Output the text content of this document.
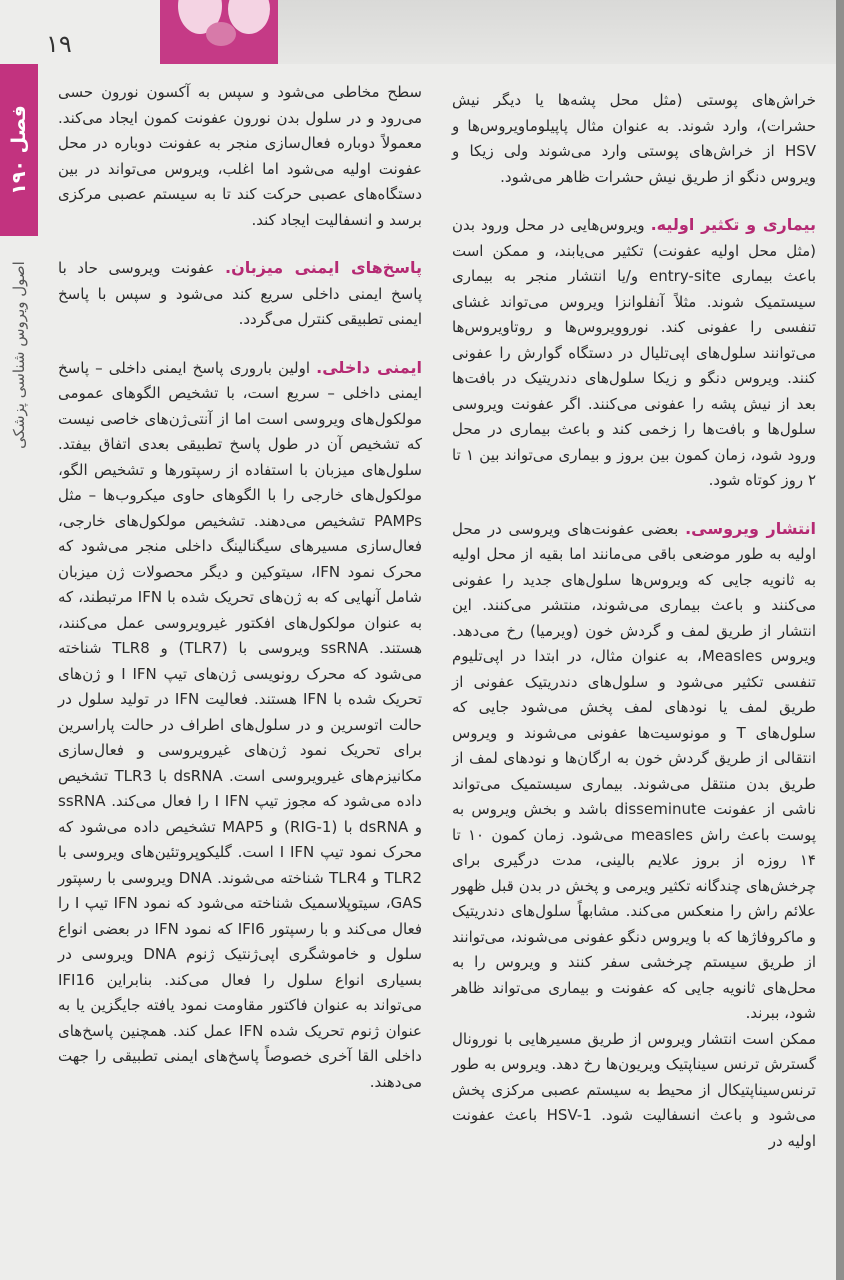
۱۹
فصل ۱۹۰
اصول ویروس شناسی پزشکی

خراش‌های پوستی (مثل محل پشه‌ها یا دیگر نیش حشرات)، وارد شوند. به عنوان مثال پاپیلوماویروس‌ها و HSV از خراش‌های پوستی وارد می‌شوند ولی زیکا و ویروس دنگو از طریق نیش حشرات ظاهر می‌شود.

بیماری و تکثیر اولیه. ویروس‌هایی در محل ورود بدن (مثل محل اولیه عفونت) تکثیر می‌یابند، و ممکن است باعث بیماری entry-site و/یا انتشار منجر به بیماری سیستمیک شوند. مثلاً آنفلوانزا ویروس می‌تواند غشای تنفسی را عفونی کند. نوروویروس‌ها و روتاویروس‌ها می‌توانند سلول‌های اپی‌تلیال در دستگاه گوارش را عفونی کنند. ویروس دنگو و زیکا سلول‌های دندریتیک در بافت‌ها بعد از نیش پشه را عفونی می‌کنند. اگر عفونت ویروسی سلول‌ها و بافت‌ها را زخمی کند و باعث بیماری در محل ورود شود، زمان کمون بین بروز و بیماری می‌تواند بین ۱ تا ۲ روز کوتاه شود.

انتشار ویروسی. بعضی عفونت‌های ویروسی در محل اولیه به طور موضعی باقی می‌مانند اما بقیه از محل اولیه به ثانویه جایی که ویروس‌ها سلول‌های جدید را عفونی می‌کنند و باعث بیماری می‌شوند، منتشر می‌کنند. این انتشار از طریق لمف و گردش خون (ویرمیا) رخ می‌دهد. ویروس Measles، به عنوان مثال، در ابتدا در اپی‌تلیوم تنفسی تکثیر می‌شود و سلول‌های دندریتیک عفونی از طریق لمف یا نودهای لمف پخش می‌شود جایی که سلول‌های T و مونوسیت‌ها عفونی می‌شوند و ویروس انتقالی از طریق گردش خون به ارگان‌ها و نودهای لمف از طریق بدن منتقل می‌شوند. بیماری سیستمیک می‌تواند ناشی از عفونت disseminute باشد و بخش ویروس به پوست باعث راش measles می‌شود. زمان کمون ۱۰ تا ۱۴ روزه از بروز علایم بالینی، مدت درگیری برای چرخش‌های چندگانه تکثیر ویرمی و پخش در بدن قبل ظهور علائم راش را منعکس می‌کند. مشابهاً سلول‌های دندریتیک و ماکروفاژها که با ویروس دنگو عفونی می‌شوند، می‌توانند از طریق سیستم چرخشی سفر کنند و ویروس را به محل‌های ثانویه جایی که عفونت و بیماری می‌تواند ظاهر شود، ببرند.

ممکن است انتشار ویروس از طریق مسیرهایی با نورونال گسترش ترنس سیناپتیک ویریون‌ها رخ دهد. ویروس به طور ترنس‌سیناپتیکال از محیط به سیستم عصبی مرکزی پخش می‌شود و باعث انسفالیت شود. HSV-1 باعث عفونت اولیه در

سطح مخاطی می‌شود و سپس به آکسون نورون حسی می‌رود و در سلول بدن نورون عفونت کمون ایجاد می‌کند. معمولاً دوباره فعال‌سازی منجر به عفونت دوباره در محل عفونت اولیه می‌شود اما اغلب، ویروس می‌تواند در بین دستگاه‌های عصبی حرکت کند تا به سیستم عصبی مرکزی برسد و انسفالیت ایجاد کند.

پاسخ‌های ایمنی میزبان. عفونت ویروسی حاد با پاسخ ایمنی داخلی سریع کند می‌شود و سپس با پاسخ ایمنی تطبیقی کنترل می‌گردد.

ایمنی داخلی. اولین باروری پاسخ ایمنی داخلی – پاسخ ایمنی داخلی – سریع است، با تشخیص الگوهای عمومی مولکول‌های ویروسی است اما از آنتی‌ژن‌های خاصی نیست که تشخیص آن در طول پاسخ تطبیقی بعدی اتفاق بیفتد. سلول‌های میزبان با استفاده از رسپتورها و تشخیص الگو، مولکول‌های خارجی را با الگوهای حاوی میکروب‌ها – مثل PAMPs تشخیص می‌دهند. تشخیص مولکول‌های خارجی، فعال‌سازی مسیرهای سیگنالینگ داخلی منجر می‌شود که محرک نمود IFN، سیتوکین و دیگر محصولات ژن میزبان شامل آنهایی که به ژن‌های تحریک شده با IFN مرتبطند، که به عنوان مولکول‌های افکتور غیرویروسی عمل می‌کنند، هستند. ssRNA ویروسی با (TLR7) و TLR8 شناخته می‌شود که محرک رونویسی ژن‌های تیپ I IFN و ژن‌های تحریک شده با IFN هستند. فعالیت IFN در تولید سلول در حالت اتوسرین و در سلول‌های اطراف در حالت پاراسرین برای تحریک نمود ژن‌های غیرویروسی و فعال‌سازی مکانیزم‌های غیرویروسی است. dsRNA با TLR3 تشخیص داده می‌شود که مجوز تیپ I IFN را فعال می‌کند. ssRNA و dsRNA با (RIG-1) و MAP5 تشخیص داده می‌شود که محرک نمود تیپ I IFN است. گلیکوپروتئین‌های ویروسی با TLR2 و TLR4 شناخته می‌شوند. DNA ویروسی با رسپتور GAS، سیتوپلاسمیک شناخته می‌شود که نمود IFN تیپ I را فعال می‌کند و با رسپتور IFI6 که نمود IFN در بعضی انواع سلول و خاموشگری اپی‌ژنتیک ژنوم DNA ویروسی در بسیاری انواع سلول را فعال می‌کند. بنابراین IFI16 می‌تواند به عنوان فاکتور مقاومت نمود یافته جایگزین یا به عنوان ژنوم تحریک شده IFN عمل کند. همچنین پاسخ‌های داخلی القا آخری خصوصاً پاسخ‌های ایمنی تطبیقی را جهت می‌دهند.
